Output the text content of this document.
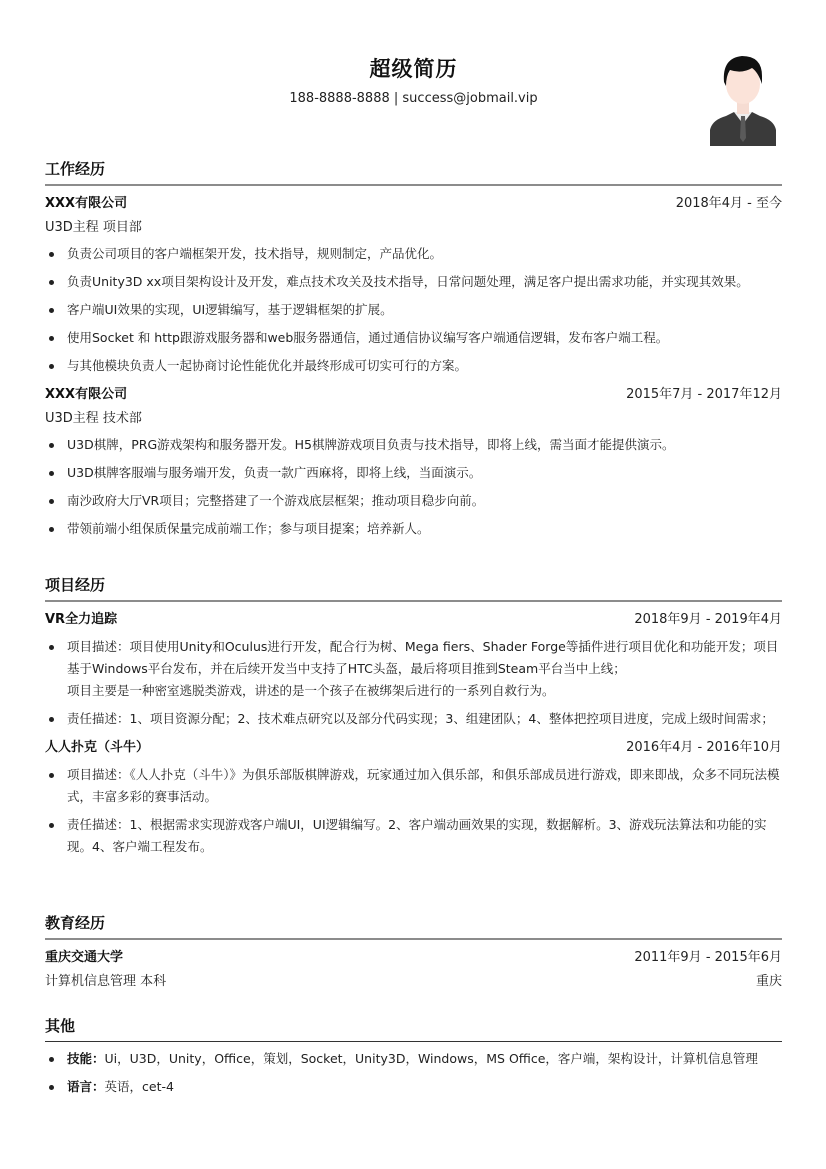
超级简历
188-8888-8888 | success@jobmail.vip
工作经历
XXX有限公司	2018年4月 - 至今
U3D主程 项目部
负责公司项目的客户端框架开发，技术指导，规则制定，产品优化。
负责Unity3D xx项目架构设计及开发，难点技术攻关及技术指导，日常问题处理，满足客户提出需求功能，并实现其效果。
客户端UI效果的实现，UI逻辑编写，基于逻辑框架的扩展。
使用Socket 和 http跟游戏服务器和web服务器通信，通过通信协议编写客户端通信逻辑，发布客户端工程。
与其他模块负责人一起协商讨论性能优化并最终形成可切实可行的方案。
XXX有限公司	2015年7月 - 2017年12月
U3D主程 技术部
U3D棋牌，PRG游戏架构和服务器开发。H5棋牌游戏项目负责与技术指导，即将上线，需当面才能提供演示。
U3D棋牌客服端与服务端开发，负责一款广西麻将，即将上线，当面演示。
南沙政府大厅VR项目；完整搭建了一个游戏底层框架；推动项目稳步向前。
带领前端小组保质保量完成前端工作；参与项目提案；培养新人。
项目经历
VR全力追踪	2018年9月 - 2019年4月
项目描述：项目使用Unity和Oculus进行开发，配合行为树、Mega fiers、Shader Forge等插件进行项目优化和功能开发；项目基于Windows平台发布，并在后续开发当中支持了HTC头盔，最后将项目推到Steam平台当中上线；
项目主要是一种密室逃脱类游戏，讲述的是一个孩子在被绑架后进行的一系列自救行为。
责任描述：1、项目资源分配；2、技术难点研究以及部分代码实现；3、组建团队；4、整体把控项目进度，完成上级时间需求；
人人扑克（斗牛）	2016年4月 - 2016年10月
项目描述：《人人扑克（斗牛）》为俱乐部版棋牌游戏，玩家通过加入俱乐部，和俱乐部成员进行游戏，即来即战，众多不同玩法模式，丰富多彩的赛事活动。
责任描述：1、根据需求实现游戏客户端UI，UI逻辑编写。2、客户端动画效果的实现，数据解析。3、游戏玩法算法和功能的实现。4、客户端工程发布。
教育经历
重庆交通大学	2011年9月 - 2015年6月
计算机信息管理 本科	重庆
其他
技能：Ui，U3D，Unity，Office，策划，Socket，Unity3D，Windows，MS Office，客户端，架构设计，计算机信息管理
语言：英语，cet-4
